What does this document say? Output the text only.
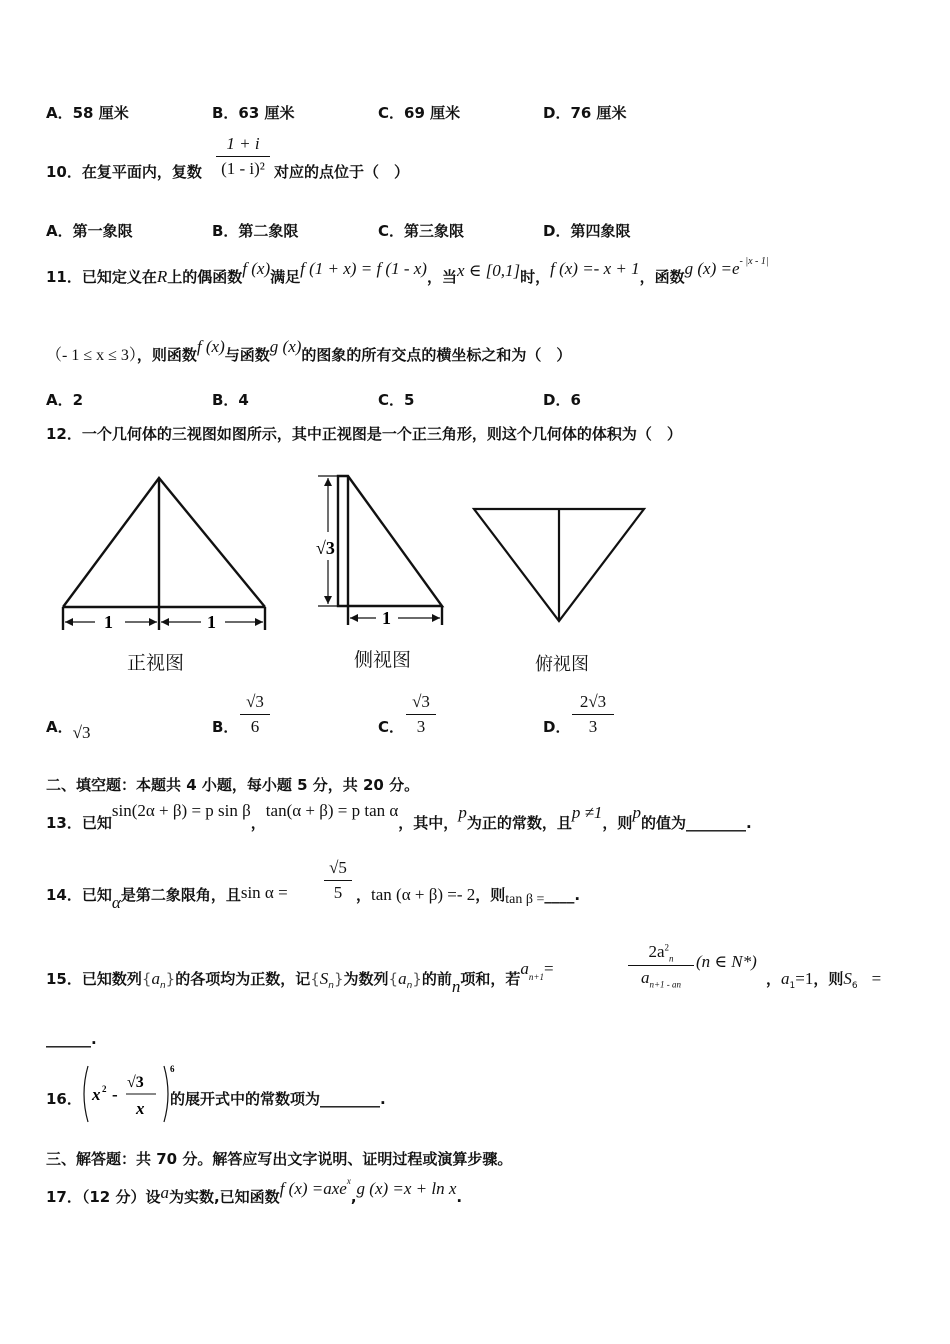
A．58 厘米	B．63 厘米	C．69 厘米	D．76 厘米
10．在复平面内，复数
1 + i
(1 - i)² 对应的点位于（　）
A．第一象限	B．第二象限	C．第三象限	D．第四象限
11．已知定义在R上的偶函数f (x)满足f (1 + x) = f (1 - x)，当x ∈ [0,1]时，f (x) =- x + 1，函数g $(x) =e^{- |x - 1|}$
（- 1 ≤ x ≤ 3），则函数f (x)与函数g (x)的图象的所有交点的横坐标之和为（　）
A．2	B．4	C．5	D．6
12．一个几何体的三视图如图所示，其中正视图是一个正三角形，则这个几何体的体积为（　）
1	1
正视图
√3
1
侧视图	俯视图
A．√3	B．
√3
6	C．
√3
3	D．
2√3
3
二、填空题：本题共 4 小题，每小题 5 分，共 20 分。
13．已知sin(2α + β) = p sin β，tan(α + β) = p tan α，其中，p为正的常数，且p ≠1，则p的值为________.
14．已知α是第二象限角，且sin α =
√5
5 ，tan (α + β) =- 2，则tan β =____.
15．已知数列$\{a_n\}$的各项均为正数，记$\{S_n\}$为数列$\{a_n\}$的前n项和，若$a_{n+1}=$
$2a^2_n$
$a_{n+1 - an}$
(n ∈ N*)
，$a_1=1$，则$S_6$ =
______.
16． x 2 -
√3
x
6
的展开式中的常数项为________.
三、解答题：共 70 分。解答应写出文字说明、证明过程或演算步骤。
17．（12 分）设a为实数,已知函数f (x) =axe$^x$,g (x) =x + ln x.
